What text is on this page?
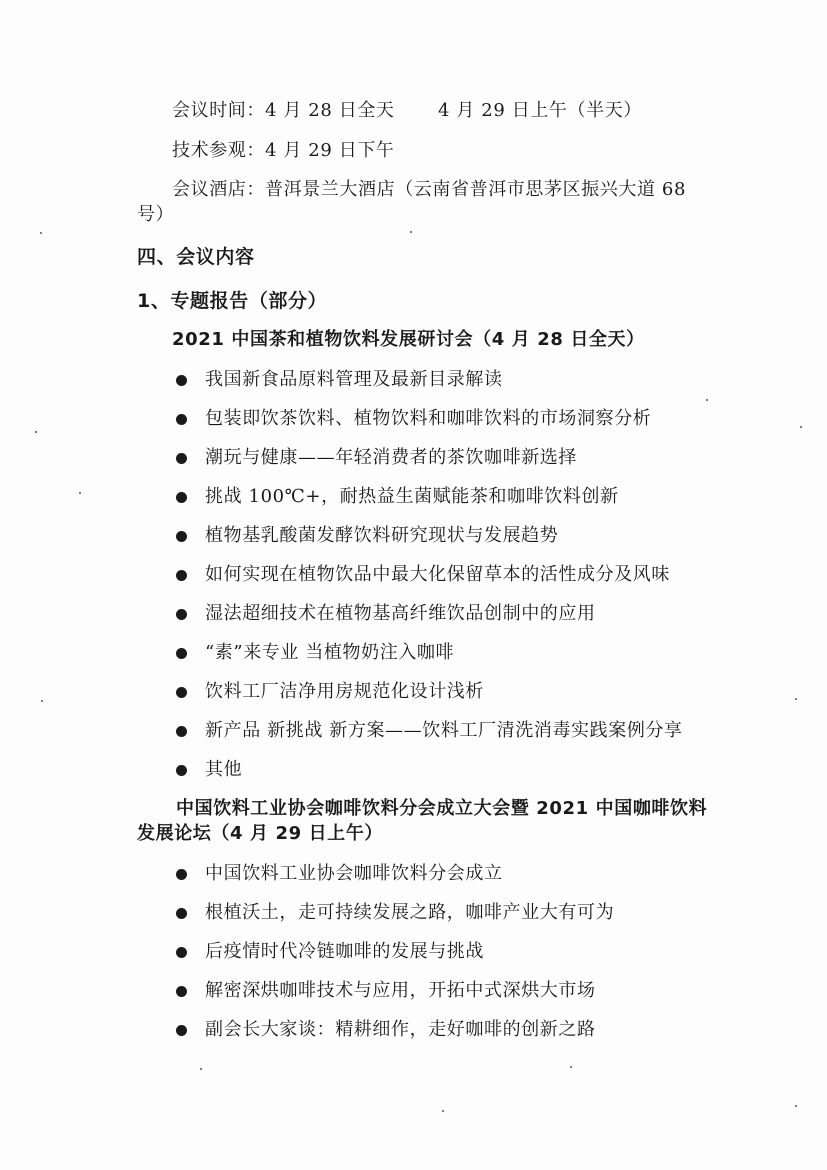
会议时间：4 月 28 日全天 4 月 29 日上午（半天）
技术参观：4 月 29 日下午
会议酒店：普洱景兰大酒店（云南省普洱市思茅区振兴大道 68
号）
四、会议内容
1、专题报告（部分）
2021 中国茶和植物饮料发展研讨会（4 月 28 日全天）
我国新食品原料管理及最新目录解读
包装即饮茶饮料、植物饮料和咖啡饮料的市场洞察分析
潮玩与健康——年轻消费者的茶饮咖啡新选择
挑战 100℃+，耐热益生菌赋能茶和咖啡饮料创新
植物基乳酸菌发酵饮料研究现状与发展趋势
如何实现在植物饮品中最大化保留草本的活性成分及风味
湿法超细技术在植物基高纤维饮品创制中的应用
“素”来专业 当植物奶注入咖啡
饮料工厂洁净用房规范化设计浅析
新产品 新挑战 新方案——饮料工厂清洗消毒实践案例分享
其他
中国饮料工业协会咖啡饮料分会成立大会暨 2021 中国咖啡饮料
发展论坛（4 月 29 日上午）
中国饮料工业协会咖啡饮料分会成立
根植沃土，走可持续发展之路，咖啡产业大有可为
后疫情时代冷链咖啡的发展与挑战
解密深烘咖啡技术与应用，开拓中式深烘大市场
副会长大家谈：精耕细作，走好咖啡的创新之路
